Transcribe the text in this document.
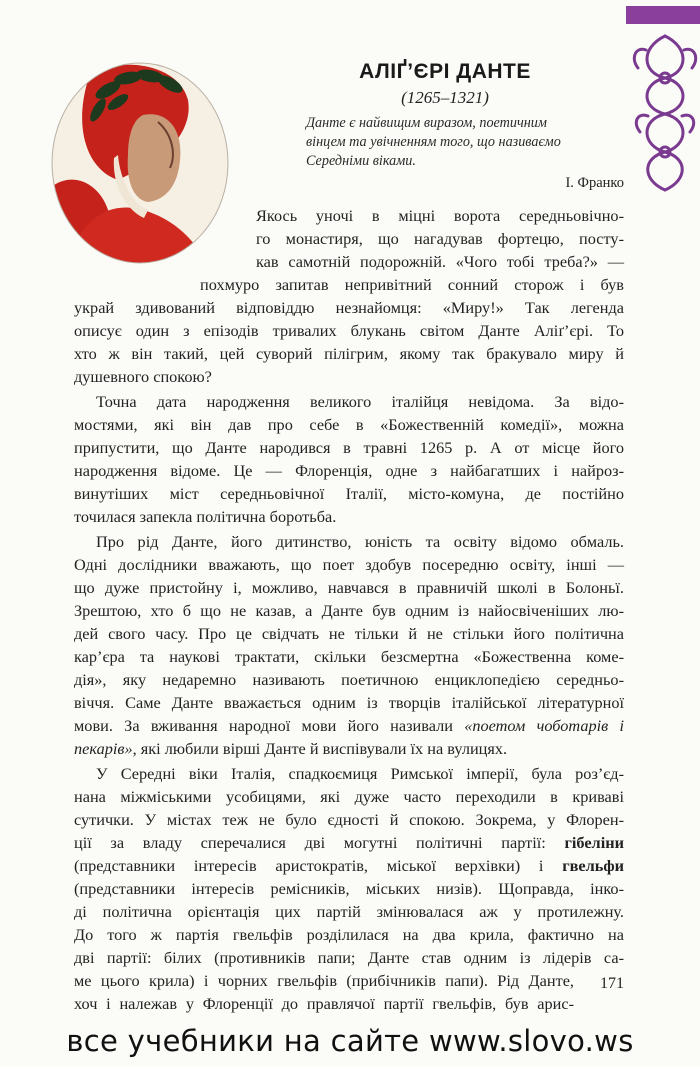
АЛІҐ’ЄРІ ДАНТЕ
(1265–1321)
Данте є найвищим виразом, поетичним
вінцем та увічненням того, що називаємо
Середніми віками.
І. Франко
Якось уночі в міцні ворота середньовічно-
го монастиря, що нагадував фортецю, посту-
кав самотній подорожній. «Чого тобі треба?» —
похмуро запитав непривітний сонний сторож і був
украй здивований відповіддю незнайомця: «Миру!» Так легенда
описує один з епізодів тривалих блукань світом Данте Аліґ’єрі. То
хто ж він такий, цей суворий пілігрим, якому так бракувало миру й
душевного спокою?
Точна дата народження великого італійця невідома. За відо-
мостями, які він дав про себе в «Божественній комедії», можна
припустити, що Данте народився в травні 1265 р. А от місце його
народження відоме. Це — Флоренція, одне з найбагатших і найроз-
винутіших міст середньовічної Італії, місто-комуна, де постійно
точилася запекла політична боротьба.
Про рід Данте, його дитинство, юність та освіту відомо обмаль.
Одні дослідники вважають, що поет здобув посередню освіту, інші —
що дуже пристойну і, можливо, навчався в правничій школі в Болоньї.
Зрештою, хто б що не казав, а Данте був одним із найосвіченіших лю-
дей свого часу. Про це свідчать не тільки й не стільки його політична
кар’єра та наукові трактати, скільки безсмертна «Божественна коме-
дія», яку недаремно називають поетичною енциклопедією середньо-
віччя. Саме Данте вважається одним із творців італійської літературної
мови. За вживання народної мови його називали «поетом чоботарів і
пекарів», які любили вірші Данте й виспівували їх на вулицях.
У Середні віки Італія, спадкоємиця Римської імперії, була роз’єд-
нана міжміськими усобицями, які дуже часто переходили в криваві
сутички. У містах теж не було єдності й спокою. Зокрема, у Флорен-
ції за владу сперечалися дві могутні політичні партії: гібеліни
(представники інтересів аристократів, міської верхівки) і гвельфи
(представники інтересів ремісників, міських низів). Щоправда, інко-
ді політична орієнтація цих партій змінювалася аж у протилежну.
До того ж партія гвельфів розділилася на два крила, фактично на
дві партії: білих (противників папи; Данте став одним із лідерів са-
ме цього крила) і чорних гвельфів (прибічників папи). Рід Данте,
хоч і належав у Флоренції до правлячої партії гвельфів, був арис-
171
все учебники на сайте www.slovo.ws
